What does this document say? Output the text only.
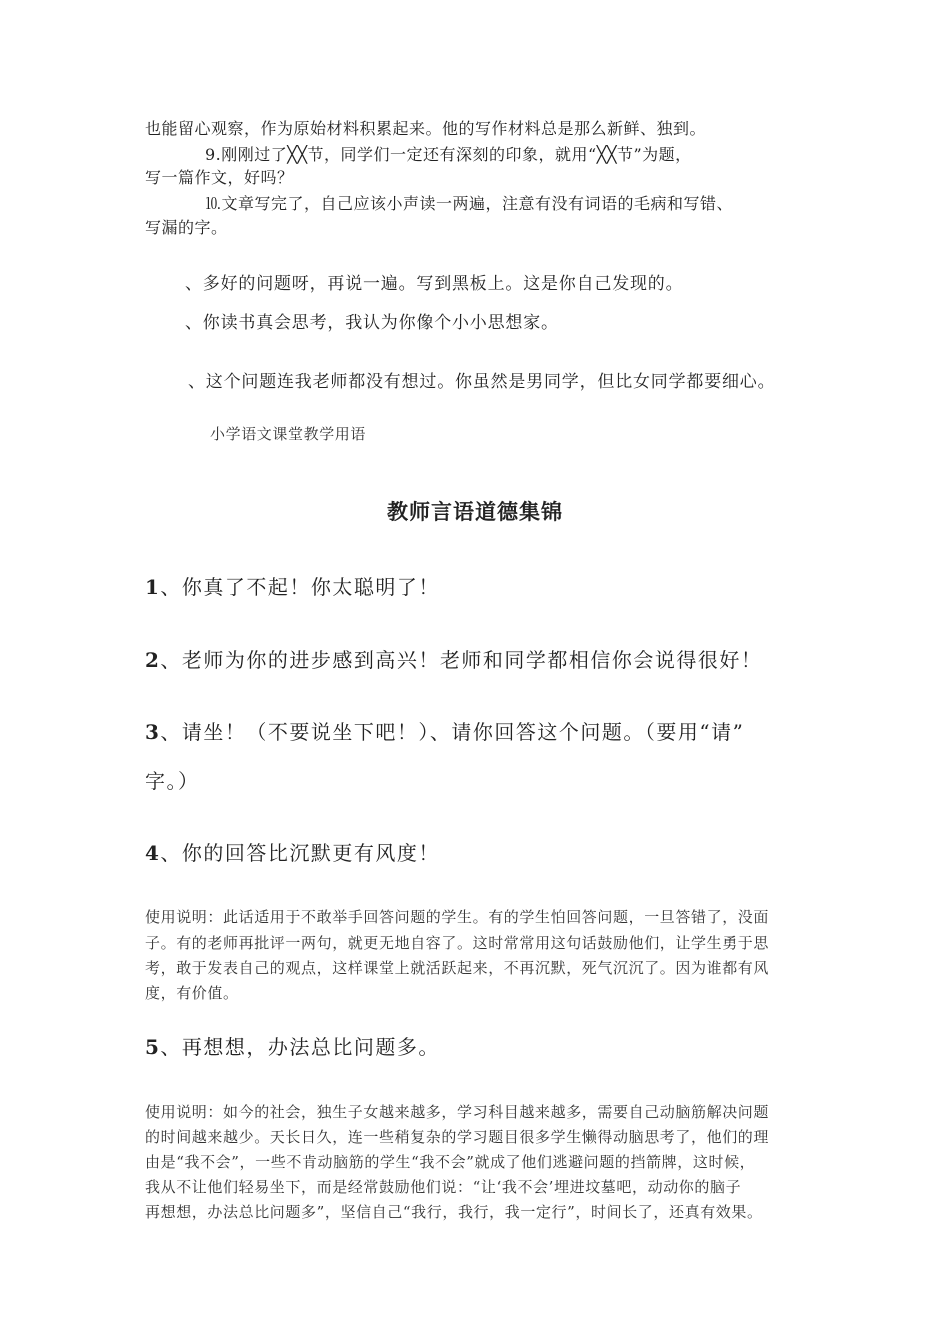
也能留心观察，作为原始材料积累起来。他的写作材料总是那么新鲜、独到。

9.刚刚过了╳╳节，同学们一定还有深刻的印象，就用“╳╳节”为题，

写一篇作文，好吗？

⒑文章写完了，自己应该小声读一两遍，注意有没有词语的毛病和写错、

写漏的字。

、多好的问题呀，再说一遍。写到黑板上。这是你自己发现的。

、你读书真会思考，我认为你像个小小思想家。

、这个问题连我老师都没有想过。你虽然是男同学，但比女同学都要细心。

小学语文课堂教学用语

教师言语道德集锦

1、你真了不起！你太聪明了！

2、老师为你的进步感到高兴！老师和同学都相信你会说得很好！

3、请坐！（不要说坐下吧！）、请你回答这个问题。（要用“请”

字。）

4、你的回答比沉默更有风度！

使用说明：此话适用于不敢举手回答问题的学生。有的学生怕回答问题，一旦答错了，没面

子。有的老师再批评一两句，就更无地自容了。这时常常用这句话鼓励他们，让学生勇于思

考，敢于发表自己的观点，这样课堂上就活跃起来，不再沉默，死气沉沉了。因为谁都有风

度，有价值。

5、再想想，办法总比问题多。

使用说明：如今的社会，独生子女越来越多，学习科目越来越多，需要自己动脑筋解决问题

的时间越来越少。天长日久，连一些稍复杂的学习题目很多学生懒得动脑思考了，他们的理

由是“我不会”，一些不肯动脑筋的学生“我不会”就成了他们逃避问题的挡箭牌，这时候，

我从不让他们轻易坐下，而是经常鼓励他们说：“让‘我不会’埋进坟墓吧，动动你的脑子

再想想，办法总比问题多”，坚信自己“我行，我行，我一定行”，时间长了，还真有效果。
